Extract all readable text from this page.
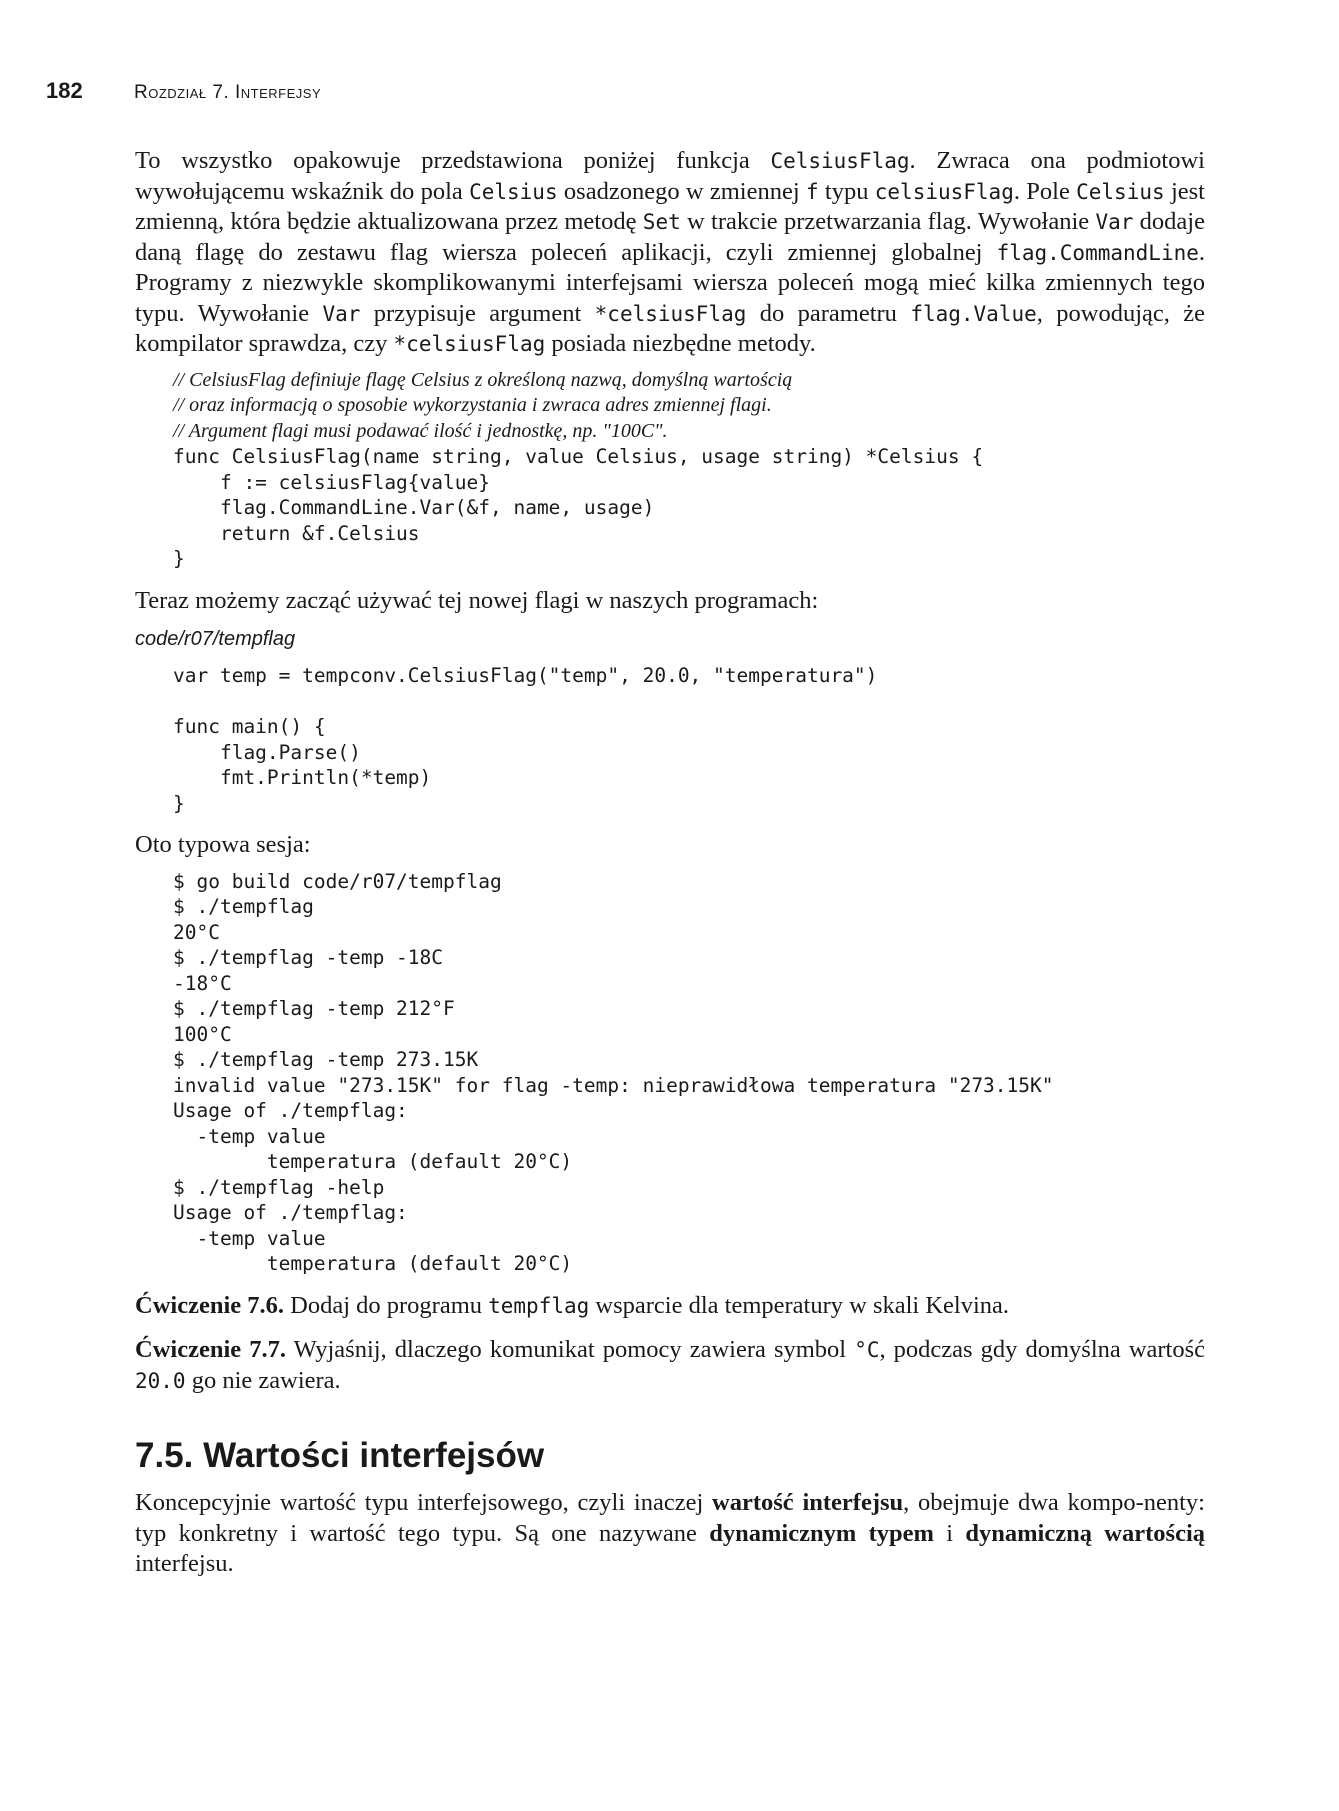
182	Rozdział 7. Interfejsy

To wszystko opakowuje przedstawiona poniżej funkcja CelsiusFlag. Zwraca ona podmiotowi wywołującemu wskaźnik do pola Celsius osadzonego w zmiennej f typu celsiusFlag. Pole Celsius jest zmienną, która będzie aktualizowana przez metodę Set w trakcie przetwarzania flag. Wywołanie Var dodaje daną flagę do zestawu flag wiersza poleceń aplikacji, czyli zmiennej globalnej flag.CommandLine. Programy z niezwykle skomplikowanymi interfejsami wiersza poleceń mogą mieć kilka zmiennych tego typu. Wywołanie Var przypisuje argument *celsiusFlag do parametru flag.Value, powodując, że kompilator sprawdza, czy *celsiusFlag posiada niezbędne metody.

// CelsiusFlag definiuje flagę Celsius z określoną nazwą, domyślną wartością
// oraz informacją o sposobie wykorzystania i zwraca adres zmiennej flagi.
// Argument flagi musi podawać ilość i jednostkę, np. "100C".
func CelsiusFlag(name string, value Celsius, usage string) *Celsius {
f := celsiusFlag{value}
flag.CommandLine.Var(&f, name, usage)
return &f.Celsius
}

Teraz możemy zacząć używać tej nowej flagi w naszych programach:

code/r07/tempflag
var temp = tempconv.CelsiusFlag("temp", 20.0, "temperatura")

func main() {
flag.Parse()
fmt.Println(*temp)
}

Oto typowa sesja:

$ go build code/r07/tempflag
$ ./tempflag
20°C
$ ./tempflag -temp -18C
-18°C
$ ./tempflag -temp 212°F
100°C
$ ./tempflag -temp 273.15K
invalid value "273.15K" for flag -temp: nieprawidłowa temperatura "273.15K"
Usage of ./tempflag:
-temp value
temperatura (default 20°C)
$ ./tempflag -help
Usage of ./tempflag:
-temp value
temperatura (default 20°C)

Ćwiczenie 7.6. Dodaj do programu tempflag wsparcie dla temperatury w skali Kelvina.

Ćwiczenie 7.7. Wyjaśnij, dlaczego komunikat pomocy zawiera symbol °C, podczas gdy domyślna wartość 20.0 go nie zawiera.

7.5. Wartości interfejsów

Koncepcyjnie wartość typu interfejsowego, czyli inaczej wartość interfejsu, obejmuje dwa kompo-nenty: typ konkretny i wartość tego typu. Są one nazywane dynamicznym typem i dynamiczną wartością interfejsu.
